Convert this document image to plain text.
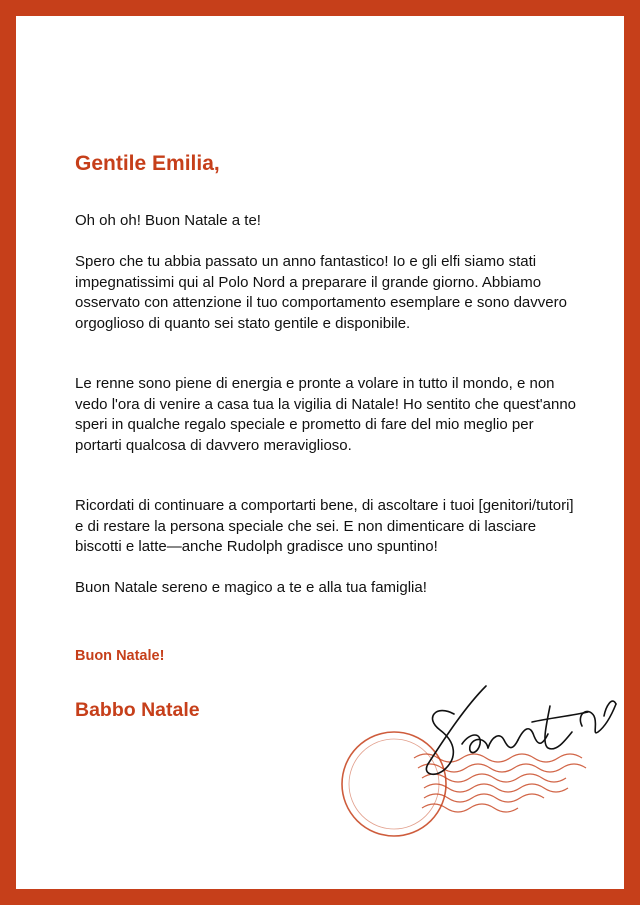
Gentile Emilia,

Oh oh oh! Buon Natale a te!

Spero che tu abbia passato un anno fantastico! Io e gli elfi siamo stati impegnatissimi qui al Polo Nord a preparare il grande giorno. Abbiamo osservato con attenzione il tuo comportamento esemplare e sono davvero orgoglioso di quanto sei stato gentile e disponibile.

Le renne sono piene di energia e pronte a volare in tutto il mondo, e non vedo l'ora di venire a casa tua la vigilia di Natale! Ho sentito che quest'anno speri in qualche regalo speciale e prometto di fare del mio meglio per portarti qualcosa di davvero meraviglioso.

Ricordati di continuare a comportarti bene, di ascoltare i tuoi [genitori/tutori] e di restare la persona speciale che sei. E non dimenticare di lasciare biscotti e latte—anche Rudolph gradisce uno spuntino!

Buon Natale sereno e magico a te e alla tua famiglia!

Buon Natale!

Babbo Natale
